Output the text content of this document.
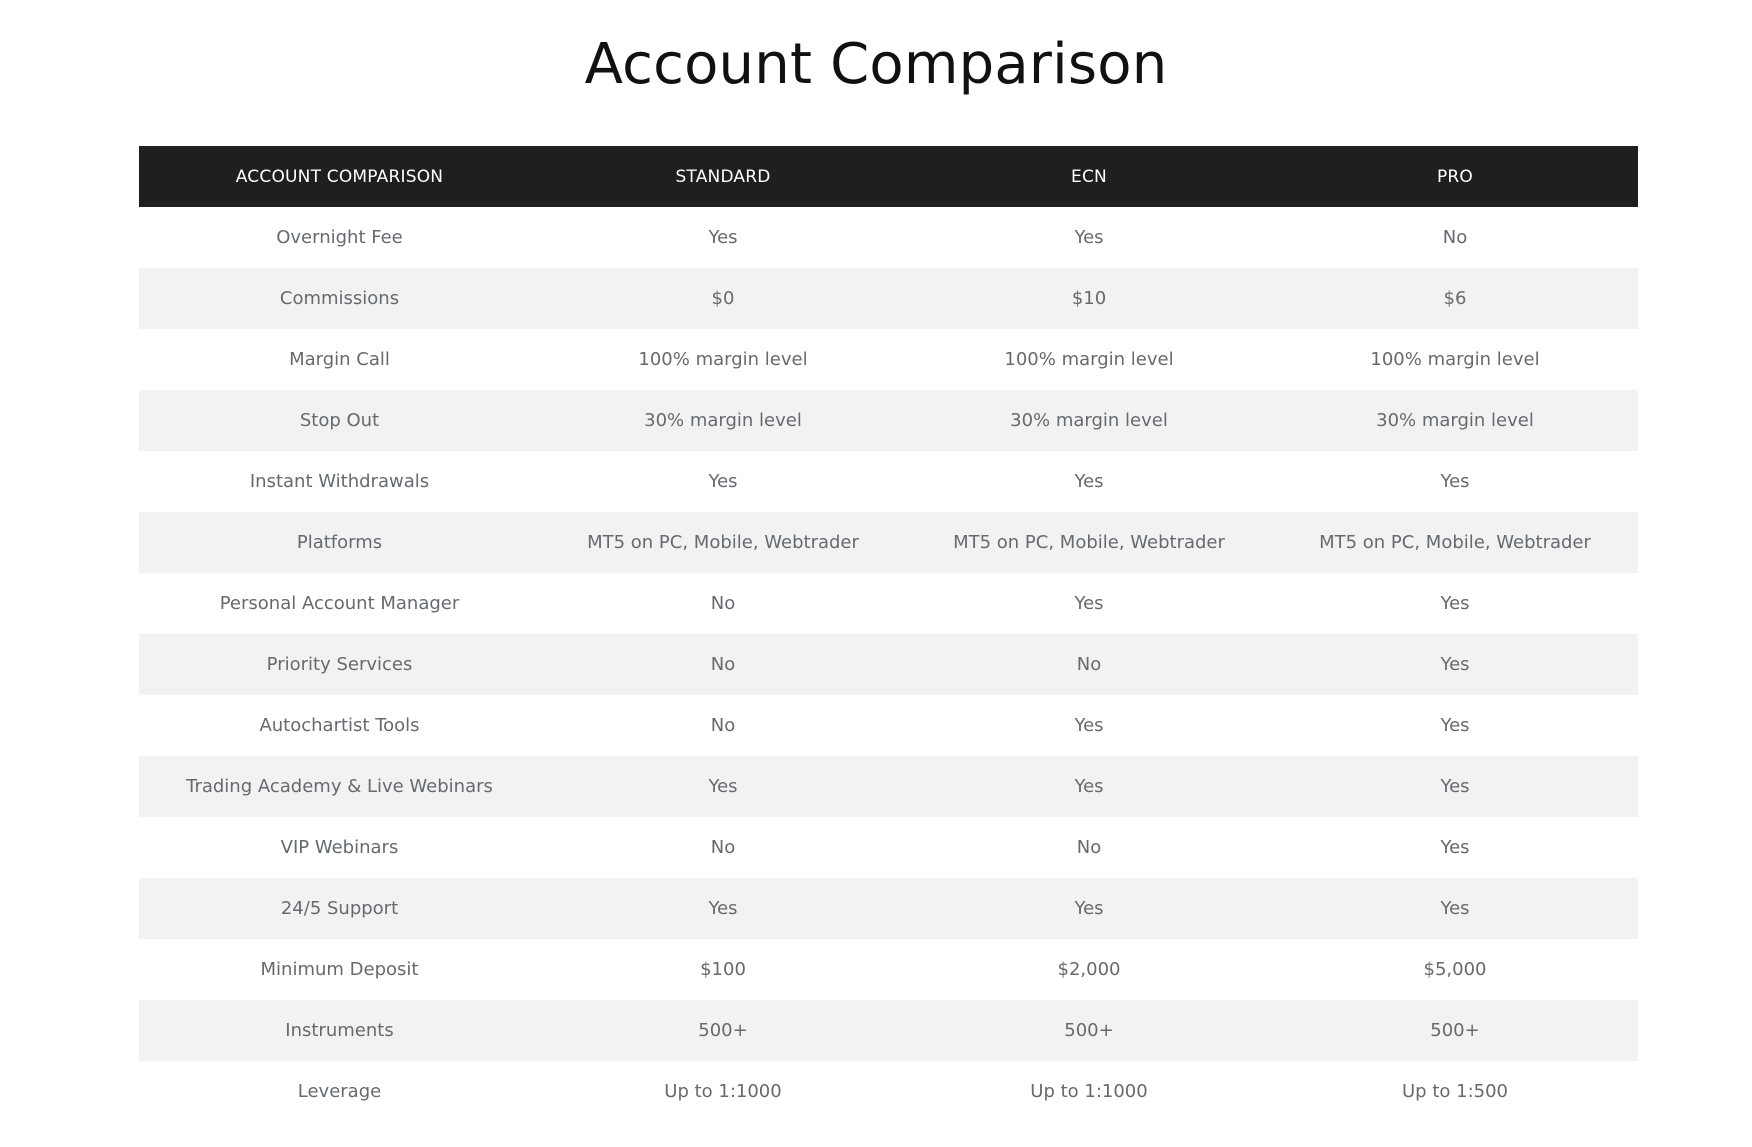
Account Comparison
ACCOUNT COMPARISON	STANDARD	ECN	PRO
Overnight Fee	Yes	Yes	No
Commissions	$0	$10	$6
Margin Call	100% margin level	100% margin level	100% margin level
Stop Out	30% margin level	30% margin level	30% margin level
Instant Withdrawals	Yes	Yes	Yes
Platforms	MT5 on PC, Mobile, Webtrader	MT5 on PC, Mobile, Webtrader	MT5 on PC, Mobile, Webtrader
Personal Account Manager	No	Yes	Yes
Priority Services	No	No	Yes
Autochartist Tools	No	Yes	Yes
Trading Academy & Live Webinars	Yes	Yes	Yes
VIP Webinars	No	No	Yes
24/5 Support	Yes	Yes	Yes
Minimum Deposit	$100	$2,000	$5,000
Instruments	500+	500+	500+
Leverage	Up to 1:1000	Up to 1:1000	Up to 1:500
